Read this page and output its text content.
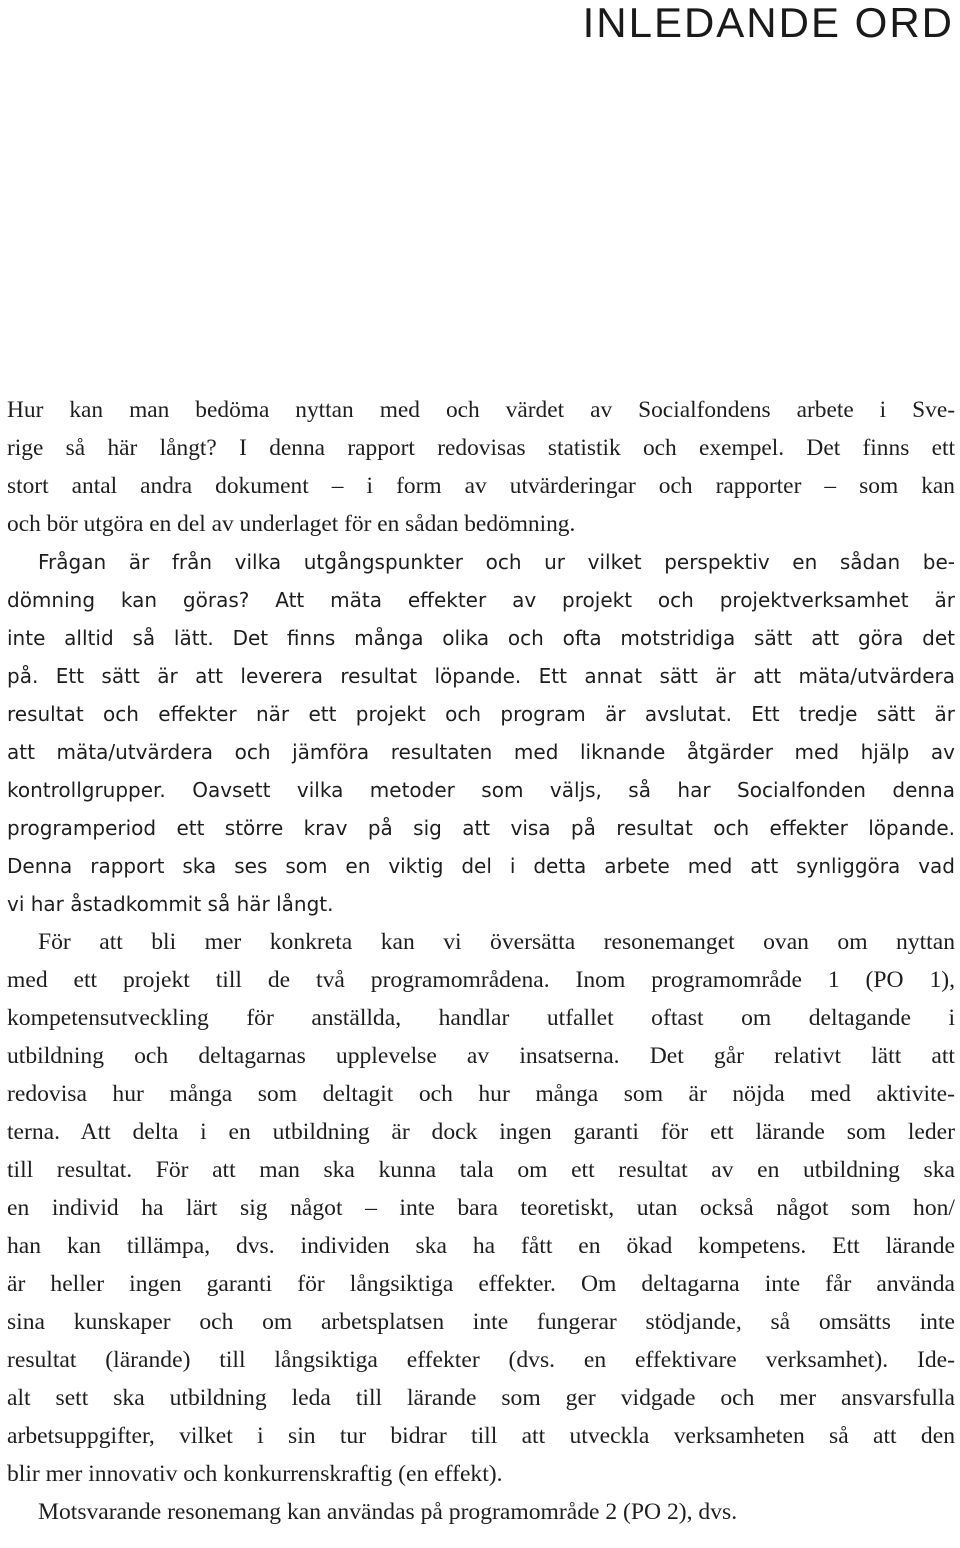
INLEDANDE ORD
Hur kan man bedöma nyttan med och värdet av Socialfondens arbete i Sve-
rige så här långt? I denna rapport redovisas statistik och exempel. Det finns ett
stort antal andra dokument – i form av utvärderingar och rapporter – som kan
och bör utgöra en del av underlaget för en sådan bedömning.
Frågan är från vilka utgångspunkter och ur vilket perspektiv en sådan be-
dömning kan göras? Att mäta effekter av projekt och projektverksamhet är
inte alltid så lätt. Det finns många olika och ofta motstridiga sätt att göra det
på. Ett sätt är att leverera resultat löpande. Ett annat sätt är att mäta/utvärdera
resultat och effekter när ett projekt och program är avslutat. Ett tredje sätt är
att mäta/utvärdera och jämföra resultaten med liknande åtgärder med hjälp av
kontrollgrupper. Oavsett vilka metoder som väljs, så har Socialfonden denna
programperiod ett större krav på sig att visa på resultat och effekter löpande.
Denna rapport ska ses som en viktig del i detta arbete med att synliggöra vad
vi har åstadkommit så här långt.
För att bli mer konkreta kan vi översätta resonemanget ovan om nyttan
med ett projekt till de två programområdena. Inom programområde 1 (PO 1),
kompetensutveckling för anställda, handlar utfallet oftast om deltagande i
utbildning och deltagarnas upplevelse av insatserna. Det går relativt lätt att
redovisa hur många som deltagit och hur många som är nöjda med aktivite-
terna. Att delta i en utbildning är dock ingen garanti för ett lärande som leder
till resultat. För att man ska kunna tala om ett resultat av en utbildning ska
en individ ha lärt sig något – inte bara teoretiskt, utan också något som hon/
han kan tillämpa, dvs. individen ska ha fått en ökad kompetens. Ett lärande
är heller ingen garanti för långsiktiga effekter. Om deltagarna inte får använda
sina kunskaper och om arbetsplatsen inte fungerar stödjande, så omsätts inte
resultat (lärande) till långsiktiga effekter (dvs. en effektivare verksamhet). Ide-
alt sett ska utbildning leda till lärande som ger vidgade och mer ansvarsfulla
arbetsuppgifter, vilket i sin tur bidrar till att utveckla verksamheten så att den
blir mer innovativ och konkurrenskraftig (en effekt).
Motsvarande resonemang kan användas på programområde 2 (PO 2), dvs.
